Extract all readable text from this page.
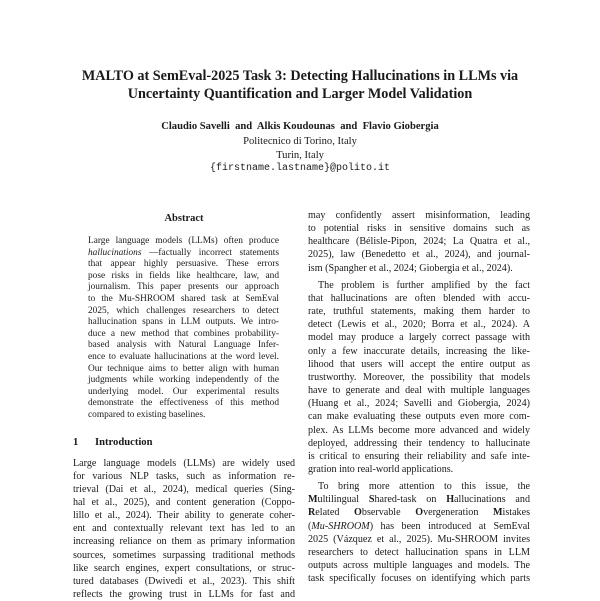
MALTO at SemEval-2025 Task 3: Detecting Hallucinations in LLMs via
Uncertainty Quantification and Larger Model Validation
Claudio Savelli  and  Alkis Koudounas  and  Flavio Giobergia
Politecnico di Torino, Italy
Turin, Italy
{firstname.lastname}@polito.it
Abstract
Large language models (LLMs) often produce
hallucinations —factually incorrect statements
that appear highly persuasive. These errors
pose risks in fields like healthcare, law, and
journalism. This paper presents our approach
to the Mu-SHROOM shared task at SemEval
2025, which challenges researchers to detect
hallucination spans in LLM outputs. We intro-
duce a new method that combines probability-
based analysis with Natural Language Infer-
ence to evaluate hallucinations at the word level.
Our technique aims to better align with human
judgments while working independently of the
underlying model. Our experimental results
demonstrate the effectiveness of this method
compared to existing baselines.
1 Introduction
Large language models (LLMs) are widely used
for various NLP tasks, such as information re-
trieval (Dai et al., 2024), medical queries (Sing-
hal et al., 2025), and content generation (Coppo-
lillo et al., 2024). Their ability to generate coher-
ent and contextually relevant text has led to an
increasing reliance on them as primary information
sources, sometimes surpassing traditional methods
like search engines, expert consultations, or struc-
tured databases (Dwivedi et al., 2023). This shift
reflects the growing trust in LLMs for fast and
may confidently assert misinformation, leading
to potential risks in sensitive domains such as
healthcare (Bélisle-Pipon, 2024; La Quatra et al.,
2025), law (Benedetto et al., 2024), and journal-
ism (Spangher et al., 2024; Giobergia et al., 2024).
The problem is further amplified by the fact
that hallucinations are often blended with accu-
rate, truthful statements, making them harder to
detect (Lewis et al., 2020; Borra et al., 2024). A
model may produce a largely correct passage with
only a few inaccurate details, increasing the like-
lihood that users will accept the entire output as
trustworthy. Moreover, the possibility that models
have to generate and deal with multiple languages
(Huang et al., 2024; Savelli and Giobergia, 2024)
can make evaluating these outputs even more com-
plex. As LLMs become more advanced and widely
deployed, addressing their tendency to hallucinate
is critical to ensuring their reliability and safe inte-
gration into real-world applications.
To bring more attention to this issue, the
Multilingual Shared-task on Hallucinations and
Related Observable Overgeneration Mistakes
(Mu-SHROOM) has been introduced at SemEval
2025 (Vázquez et al., 2025). Mu-SHROOM invites
researchers to detect hallucination spans in LLM
outputs across multiple languages and models. The
task specifically focuses on identifying which parts
